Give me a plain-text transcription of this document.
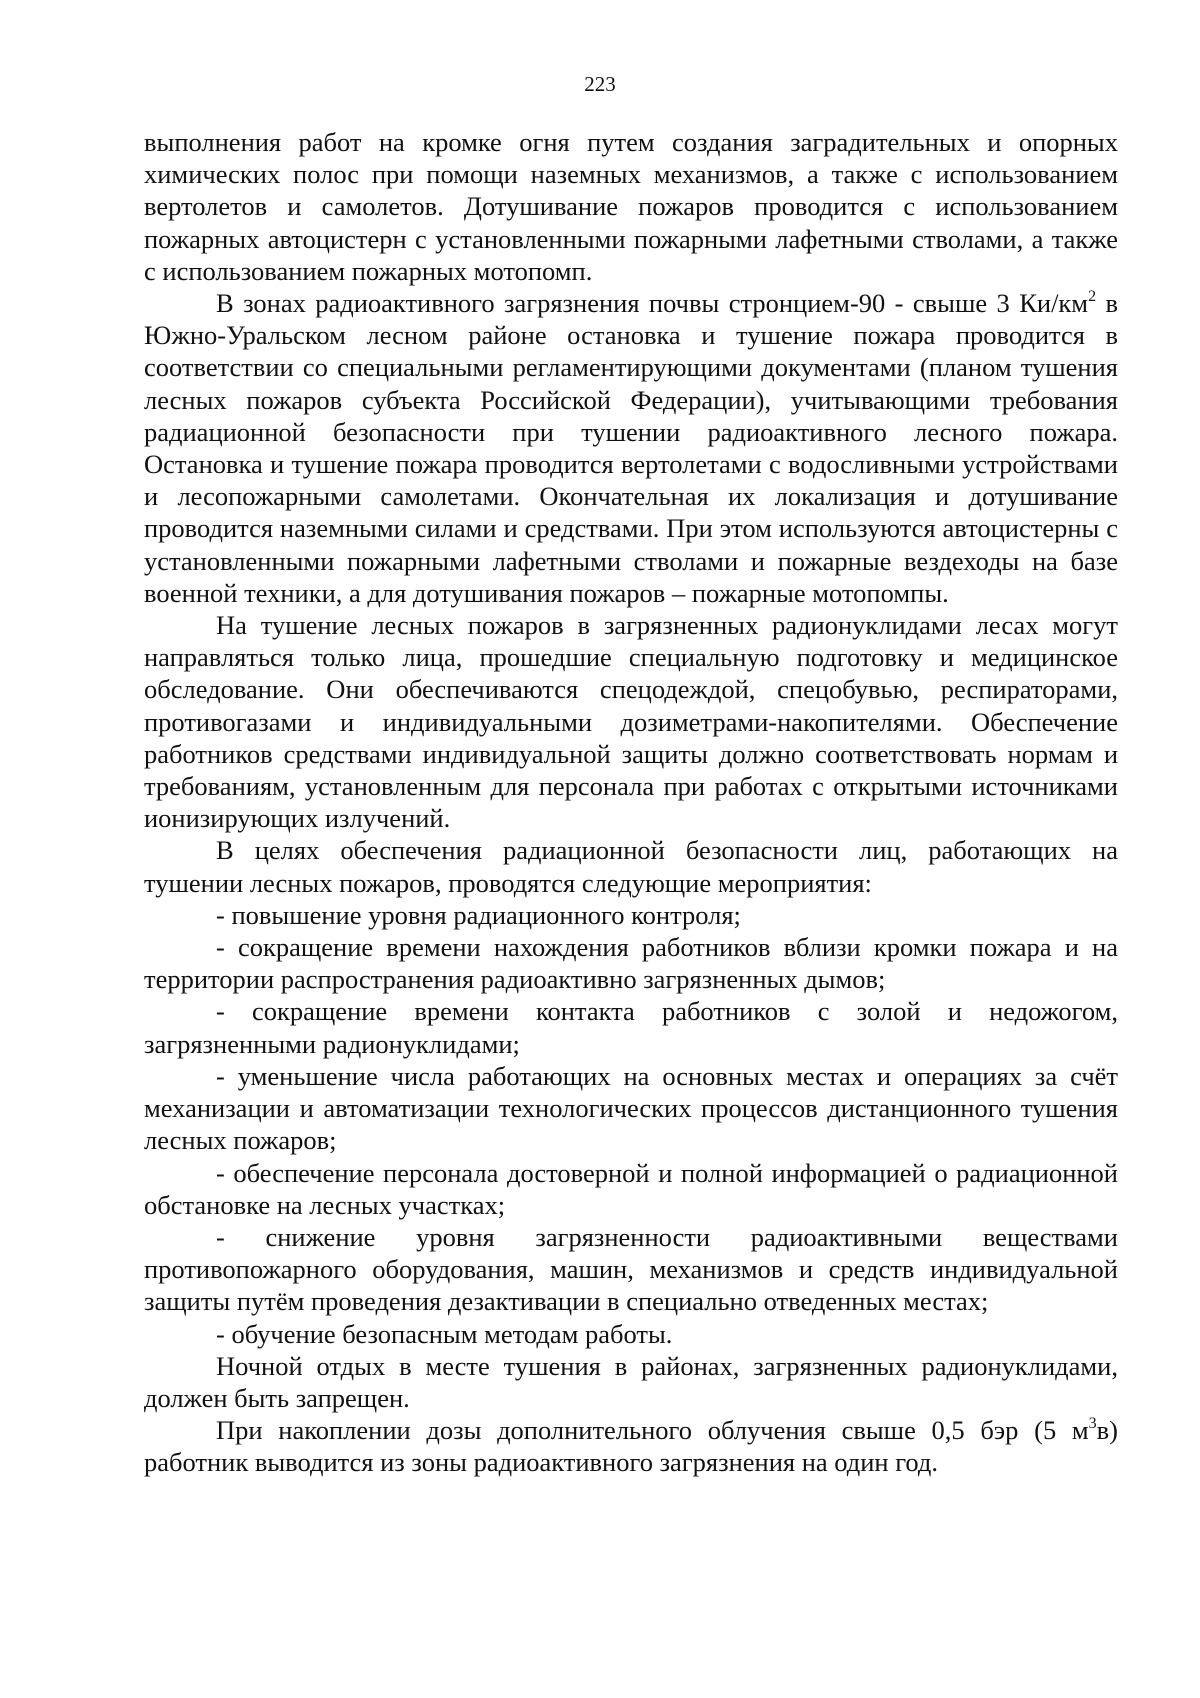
223

выполнения работ на кромке огня путем создания заградительных и опорных химических полос при помощи наземных механизмов, а также с использованием вертолетов и самолетов. Дотушивание пожаров проводится с использованием пожарных автоцистерн с установленными пожарными лафетными стволами, а также с использованием пожарных мотопомп.

В зонах радиоактивного загрязнения почвы стронцием-90 - свыше 3 $Ки/км^2$ в Южно-Уральском лесном районе остановка и тушение пожара проводится в соответствии со специальными регламентирующими документами (планом тушения лесных пожаров субъекта Российской Федерации), учитывающими требования радиационной безопасности при тушении радиоактивного лесного пожара. Остановка и тушение пожара проводится вертолетами с водосливными устройствами и лесопожарными самолетами. Окончательная их локализация и дотушивание проводится наземными силами и средствами. При этом используются автоцистерны с установленными пожарными лафетными стволами и пожарные вездеходы на базе военной техники, а для дотушивания пожаров – пожарные мотопомпы.

На тушение лесных пожаров в загрязненных радионуклидами лесах могут направляться только лица, прошедшие специальную подготовку и медицинское обследование. Они обеспечиваются спецодеждой, спецобувью, респираторами, противогазами и индивидуальными дозиметрами-накопителями. Обеспечение работников средствами индивидуальной защиты должно соответствовать нормам и требованиям, установленным для персонала при работах с открытыми источниками ионизирующих излучений.

В целях обеспечения радиационной безопасности лиц, работающих на тушении лесных пожаров, проводятся следующие мероприятия:

- повышение уровня радиационного контроля;

- сокращение времени нахождения работников вблизи кромки пожара и на территории распространения радиоактивно загрязненных дымов;

- сокращение времени контакта работников с золой и недожогом, загрязненными радионуклидами;

- уменьшение числа работающих на основных местах и операциях за счёт механизации и автоматизации технологических процессов дистанционного тушения лесных пожаров;

- обеспечение персонала достоверной и полной информацией о радиационной обстановке на лесных участках;

- снижение уровня загрязненности радиоактивными веществами противопожарного оборудования, машин, механизмов и средств индивидуальной защиты путём проведения дезактивации в специально отведенных местах;

- обучение безопасным методам работы.

Ночной отдых в месте тушения в районах, загрязненных радионуклидами, должен быть запрещен.

При накоплении дозы дополнительного облучения свыше 0,5 бэр (5 $м^3в$) работник выводится из зоны радиоактивного загрязнения на один год.
